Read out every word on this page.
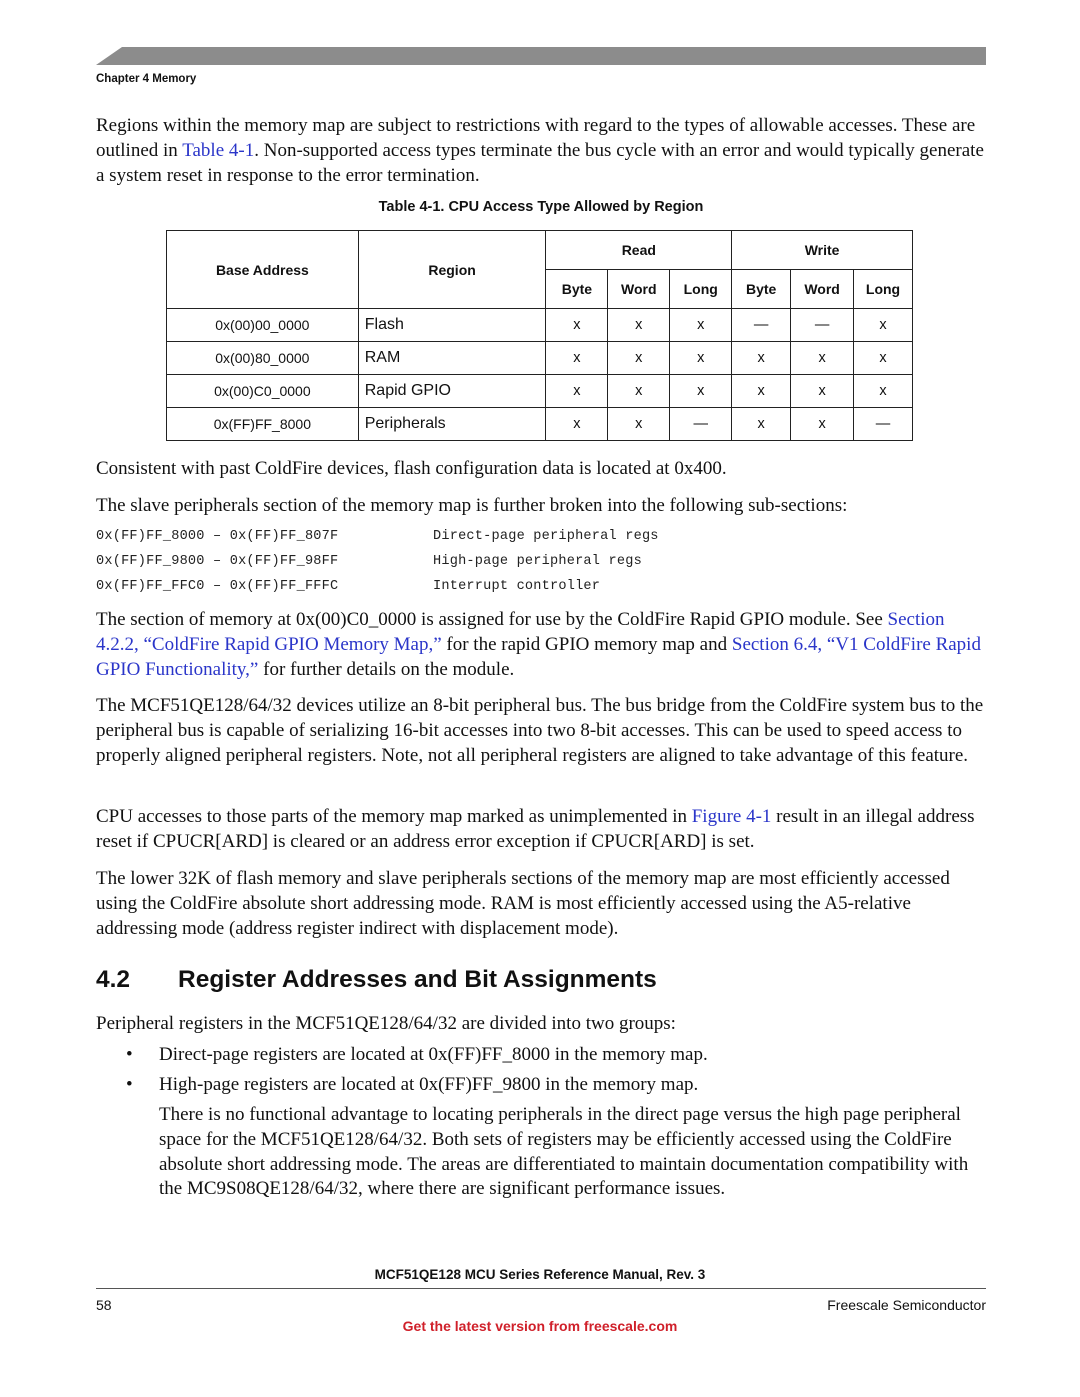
Chapter 4 Memory

Regions within the memory map are subject to restrictions with regard to the types of allowable accesses. These are outlined in Table 4-1. Non-supported access types terminate the bus cycle with an error and would typically generate a system reset in response to the error termination.

Table 4-1. CPU Access Type Allowed by Region
Base Address	Region	Read			Write		
		Byte	Word	Long	Byte	Word	Long
0x(00)00_0000	Flash	x	x	x	—	—	x
0x(00)80_0000	RAM	x	x	x	x	x	x
0x(00)C0_0000	Rapid GPIO	x	x	x	x	x	x
0x(FF)FF_8000	Peripherals	x	x	—	x	x	—

Consistent with past ColdFire devices, flash configuration data is located at 0x400.

The slave peripherals section of the memory map is further broken into the following sub-sections:

0x(FF)FF_8000 – 0x(FF)FF_807F	Direct-page peripheral regs
0x(FF)FF_9800 – 0x(FF)FF_98FF	High-page peripheral regs
0x(FF)FF_FFC0 – 0x(FF)FF_FFFC	Interrupt controller

The section of memory at 0x(00)C0_0000 is assigned for use by the ColdFire Rapid GPIO module. See Section 4.2.2, “ColdFire Rapid GPIO Memory Map,” for the rapid GPIO memory map and Section 6.4, “V1 ColdFire Rapid GPIO Functionality,” for further details on the module.

The MCF51QE128/64/32 devices utilize an 8-bit peripheral bus. The bus bridge from the ColdFire system bus to the peripheral bus is capable of serializing 16-bit accesses into two 8-bit accesses. This can be used to speed access to properly aligned peripheral registers. Note, not all peripheral registers are aligned to take advantage of this feature.

CPU accesses to those parts of the memory map marked as unimplemented in Figure 4-1 result in an illegal address reset if CPUCR[ARD] is cleared or an address error exception if CPUCR[ARD] is set.

The lower 32K of flash memory and slave peripherals sections of the memory map are most efficiently accessed using the ColdFire absolute short addressing mode. RAM is most efficiently accessed using the A5-relative addressing mode (address register indirect with displacement mode).

4.2 Register Addresses and Bit Assignments

Peripheral registers in the MCF51QE128/64/32 are divided into two groups:

• Direct-page registers are located at 0x(FF)FF_8000 in the memory map.
• High-page registers are located at 0x(FF)FF_9800 in the memory map.

There is no functional advantage to locating peripherals in the direct page versus the high page peripheral space for the MCF51QE128/64/32. Both sets of registers may be efficiently accessed using the ColdFire absolute short addressing mode. The areas are differentiated to maintain documentation compatibility with the MC9S08QE128/64/32, where there are significant performance issues.

MCF51QE128 MCU Series Reference Manual, Rev. 3
58	Freescale Semiconductor
Get the latest version from freescale.com
